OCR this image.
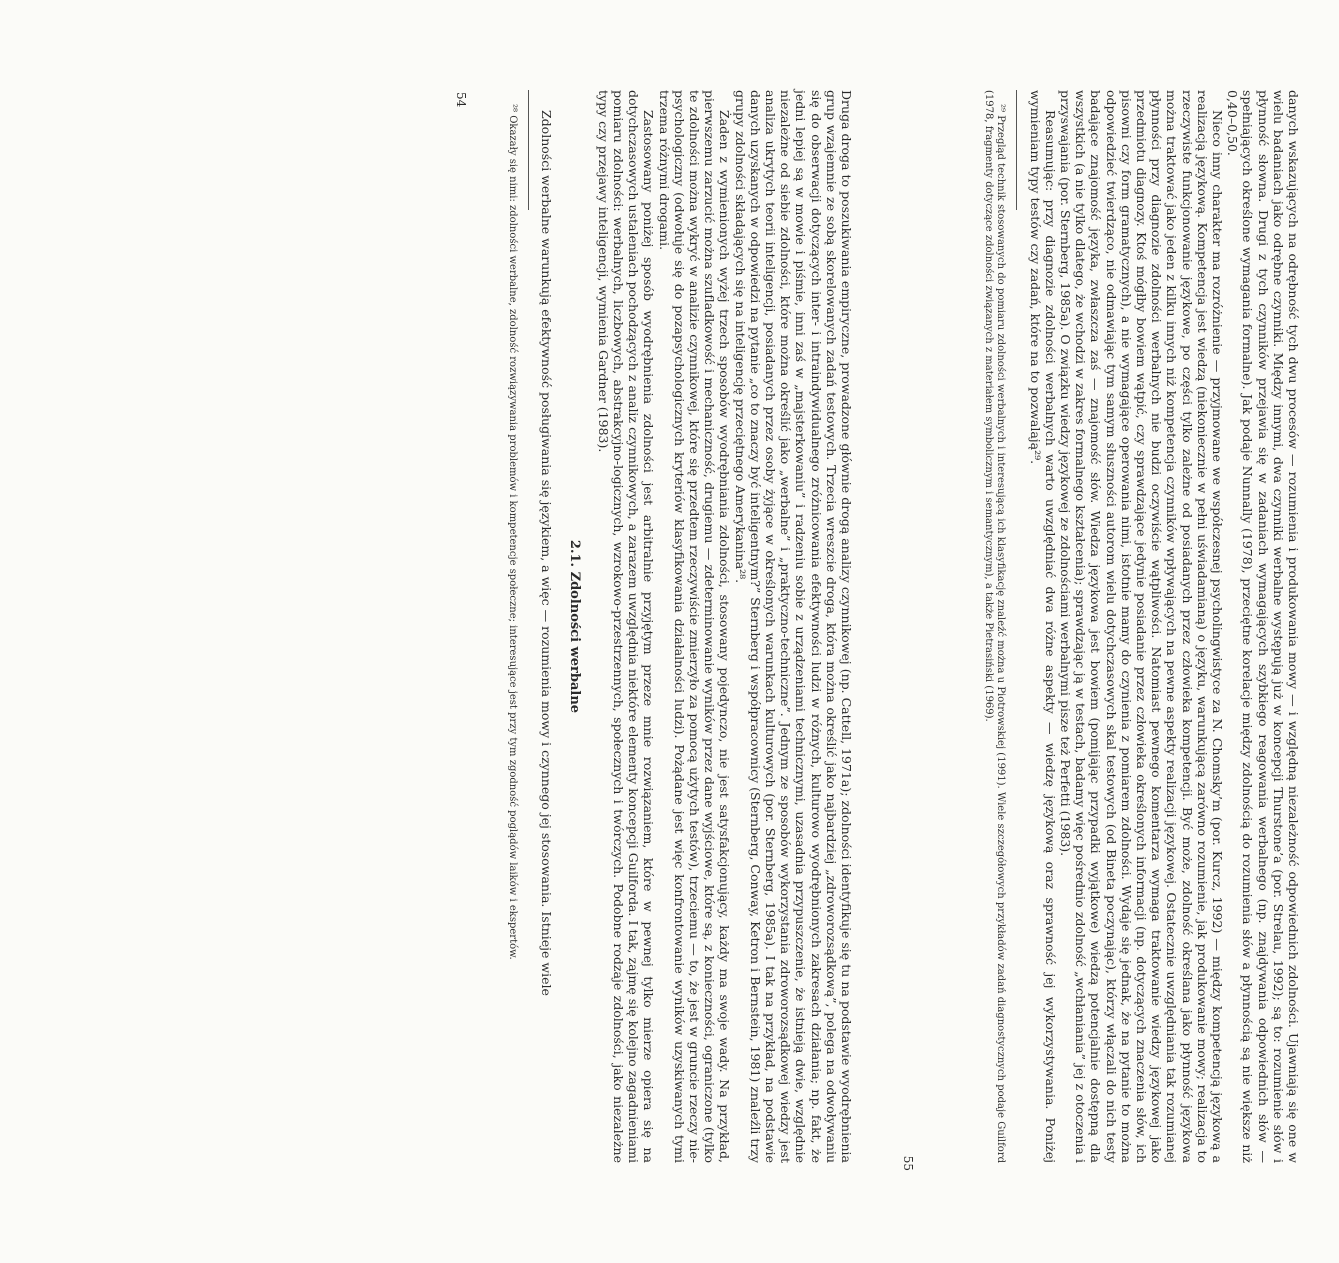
Druga droga to poszukiwania empiryczne, prowadzone głównie drogą analizy czynnikowej (np. Cattell, 1971a); zdolności identyfikuje się tu na podstawie wyodrębnienia grup wzajemnie ze sobą skorelowanych zadań testowych. Trzecia wreszcie droga, która można określić jako najbardziej „zdroworozsądkową”, polega na odwoływaniu się do obserwacji dotyczących inter- i intraindywidualnego zróżnicowania efektywności ludzi w różnych, kulturowo wyodrębnionych zakresach działania; np. fakt, że jedni lepiej są w mowie i piśmie, inni zaś w „majsterkowaniu” i radzeniu sobie z urządzeniami technicznymi, uzasadnia przypuszczenie, że istnieją dwie, względnie niezależne od siebie zdolności, które można określić jako „werbalne” i „praktyczno-techniczne”. Jednym ze sposobów wykorzystania zdroworozsądkowej wiedzy jest analiza ukrytych teorii inteligencji, posiadanych przez osoby żyjące w określonych warunkach kulturowych (por. Sternberg, 1985a). I tak na przykład, na podstawie danych uzyskanych w odpowiedzi na pytanie „co to znaczy być inteligentnym?” Sternberg i współpracownicy (Sternberg, Conway, Ketron i Bernstein, 1981) znaleźli trzy grupy zdolności składających się na inteligencję przeciętnego Amerykanina²⁸.

Żaden z wymienionych wyżej trzech sposobów wyodrębniania zdolności, stosowany pojedynczo, nie jest satysfakcjonujący, każdy ma swoje wady. Na przykład, pierwszemu zarzucić można szufladkowość i mechaniczność, drugiemu — zdeterminowanie wyników przez dane wyjściowe, które są, z konieczności, ograniczone (tylko te zdolności można wykryć w analizie czynnikowej, które się przedtem rzeczywiście zmierzyło za pomocą użytych testów), trzeciemu — to, że jest w gruncie rzeczy nie-psychologiczny (odwołuje się do pozapsychologicznych kryteriów klasyfikowania działalności ludzi). Pożądane jest więc konfrontowanie wyników uzyskiwanych tymi trzema różnymi drogami.

Zastosowany poniżej sposób wyodrębnienia zdolności jest arbitralnie przyjętym przeze mnie rozwiązaniem, które w pewnej tylko mierze opiera się na dotychczasowych ustaleniach pochodzących z analiz czynnikowych, a zarazem uwzględnia niektóre elementy koncepcji Guilforda. I tak, zajmę się kolejno zagadnieniami pomiaru zdolności: werbalnych, liczbowych, abstrakcyjno-logicznych, wzrokowo-przestrzennych, społecznych i twórczych. Podobne rodzaje zdolności, jako niezależne typy czy przejawy inteligencji, wymienia Gardner (1983).

2.1. Zdolności werbalne

Zdolności werbalne warunkują efektywność posługiwania się językiem, a więc — rozumienia mowy i czynnego jej stosowania. Istnieje wiele

²⁸ Okazały się nimi: zdolności werbalne, zdolność rozwiązywania problemów i kompetencje społeczne; interesujące jest przy tym zgodność poglądów laików i ekspertów.
54	danych wskazujących na odrębność tych dwu procesów — rozumienia i produkowania mowy — i względną niezależność odpowiednich zdolności. Ujawniają się one w wielu badaniach jako odrębne czynniki. Między innymi, dwa czynniki werbalne występują już w koncepcji Thurstone’a (por. Strelau, 1992); są to: rozumienie słów i płynność słowna. Drugi z tych czynników przejawia się w zadaniach wymagających szybkiego reagowania werbalnego (np. znajdywania odpowiednich słów — spełniających określone wymagania formalne). Jak podaje Nunnally (1978), przeciętne korelacje między zdolnością do rozumienia słów a płynnością są nie większe niż 0,40–0,50.

Nieco inny charakter ma rozróżnienie — przyjmowane we współczesnej psycholingwistyce za N. Chomsky’m (por. Kurcz, 1992) — między kompetencją językową a realizacją językową. Kompetencja jest wiedzą (niekoniecznie w pełni uświadamianą) o języku, warunkującą zarówno rozumienie, jak produkowanie mowy; realizacja to rzeczywiste funkcjonowanie językowe, po części tylko zależne od posiadanych przez człowieka kompetencji. Być może, zdolność określana jako płynność językowa można traktować jako jeden z kilku innych niż kompetencja czynników wpływających na pewne aspekty realizacji językowej. Ostatecznie uwzględniania tak rozumianej płynności przy diagnozie zdolności werbalnych nie budzi oczywiście wątpliwości. Natomiast pewnego komentarza wymaga traktowanie wiedzy językowej jako przedmiotu diagnozy. Ktoś mógłby bowiem wątpić, czy sprawdzające jedynie posiadanie przez człowieka określonych informacji (np. dotyczących znaczenia słów, ich pisowni czy form gramatycznych), a nie wymagające operowania nimi, istotnie mamy do czynienia z pomiarem zdolności. Wydaje się jednak, że na pytanie to można odpowiedzieć twierdząco, nie odmawiając tym samym słuszności autorom wielu dotychczasowych skal testowych (od Bineta poczynając), którzy włączali do nich testy badające znajomość języka, zwłaszcza zaś — znajomość słów. Wiedza językowa jest bowiem (pomijając przypadki wyjątkowe) wiedzą potencjalnie dostępną dla wszystkich (a nie tylko dlatego, że wchodzi w zakres formalnego kształcenia); sprawdzając ją w testach, badamy więc pośrednio zdolność „wchłaniania” jej z otoczenia i przyswajania (por. Sternberg, 1985a). O związku wiedzy językowej ze zdolnościami werbalnymi pisze też Perfetti (1983).

Reasumując: przy diagnozie zdolności werbalnych warto uwzględniać dwa różne aspekty — wiedzę językową oraz sprawność jej wykorzystywania. Poniżej wymieniam typy testów czy zadań, które na to pozwalają²⁹.

²⁹ Przegląd technik stosowanych do pomiaru zdolności werbalnych i interesującą ich klasyfikację znaleźć można u Piotrowskiej (1991). Wiele szczegółowych przykładów zadań diagnostycznych podaje Guilford (1978, fragmenty dotyczące zdolności związanych z materiałem symbolicznym i semantycznym), a także Pietrasiński (1969).
55
